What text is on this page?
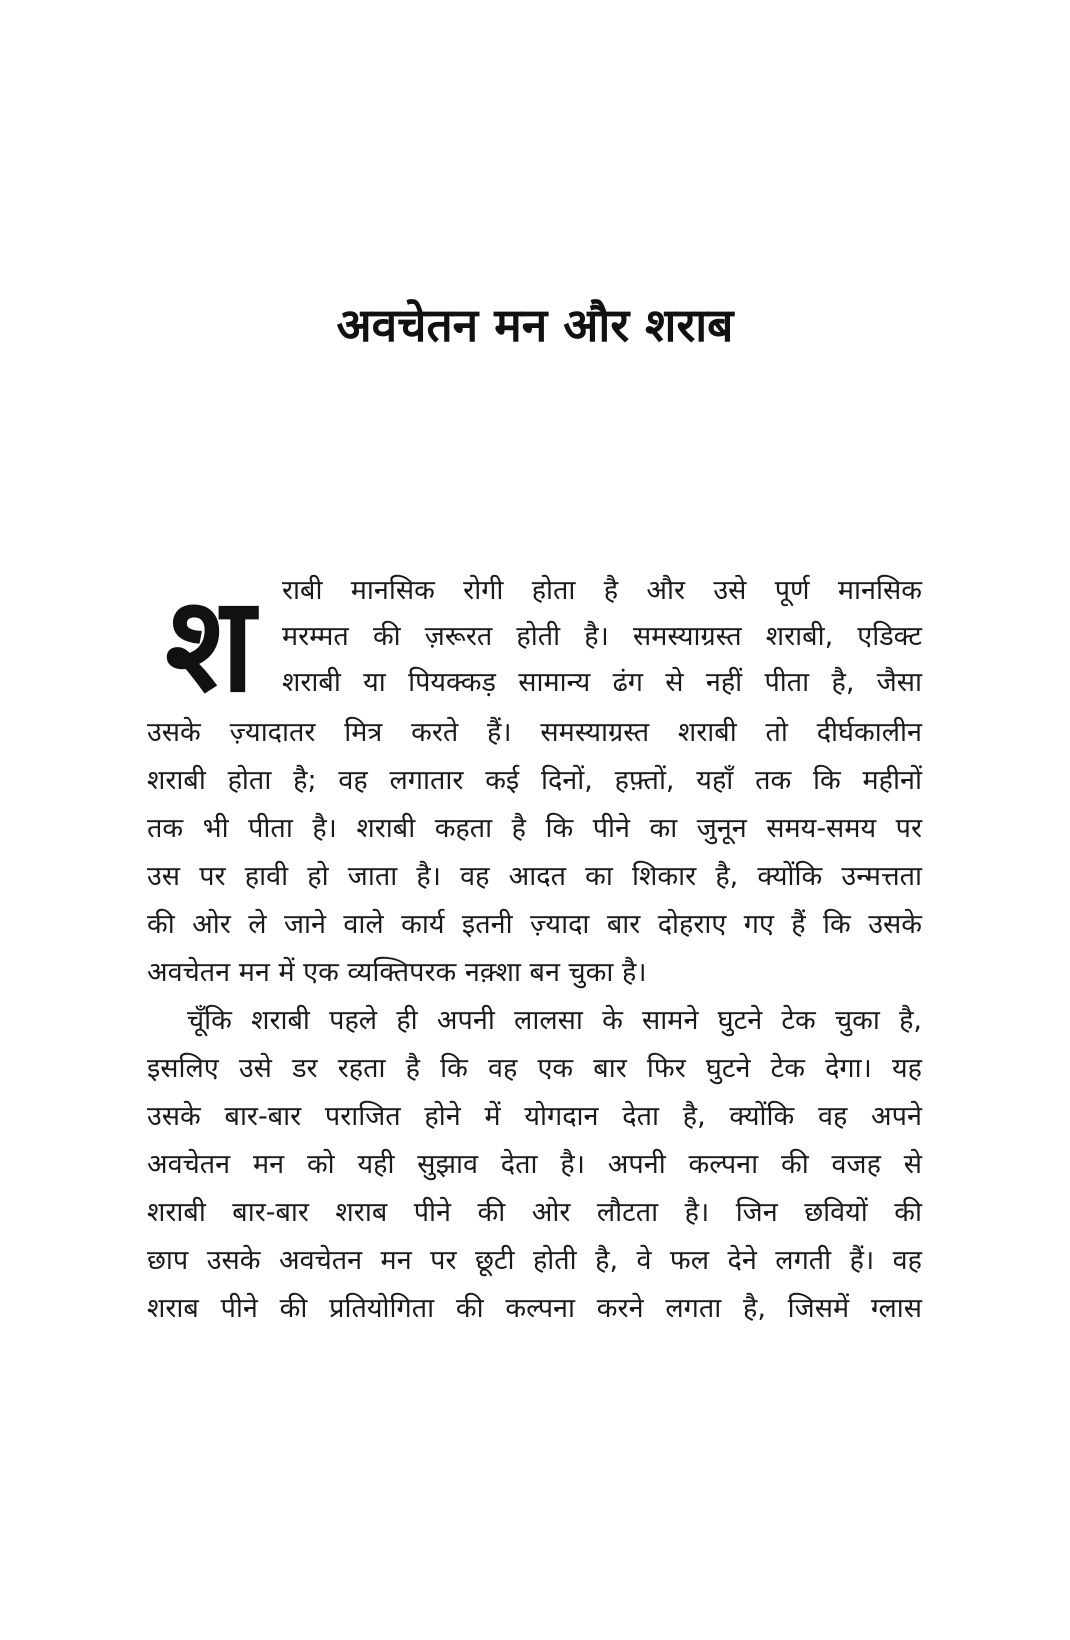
अवचेतन मन और शराब
श	राबी मानसिक रोगी होता है और उसे पूर्ण मानसिक
मरम्मत की ज़रूरत होती है। समस्याग्रस्त शराबी, एडिक्ट
शराबी या पियक्कड़ सामान्य ढंग से नहीं पीता है, जैसा
उसके ज़्यादातर मित्र करते हैं। समस्याग्रस्त शराबी तो दीर्घकालीन
शराबी होता है; वह लगातार कई दिनों, हफ़्तों, यहाँ तक कि महीनों
तक भी पीता है। शराबी कहता है कि पीने का जुनून समय-समय पर
उस पर हावी हो जाता है। वह आदत का शिकार है, क्योंकि उन्मत्तता
की ओर ले जाने वाले कार्य इतनी ज़्यादा बार दोहराए गए हैं कि उसके
अवचेतन मन में एक व्यक्तिपरक नक़्शा बन चुका है।
चूँकि शराबी पहले ही अपनी लालसा के सामने घुटने टेक चुका है,
इसलिए उसे डर रहता है कि वह एक बार फिर घुटने टेक देगा। यह
उसके बार-बार पराजित होने में योगदान देता है, क्योंकि वह अपने
अवचेतन मन को यही सुझाव देता है। अपनी कल्पना की वजह से
शराबी बार-बार शराब पीने की ओर लौटता है। जिन छवियों की
छाप उसके अवचेतन मन पर छूटी होती है, वे फल देने लगती हैं। वह
शराब पीने की प्रतियोगिता की कल्पना करने लगता है, जिसमें ग्लास
